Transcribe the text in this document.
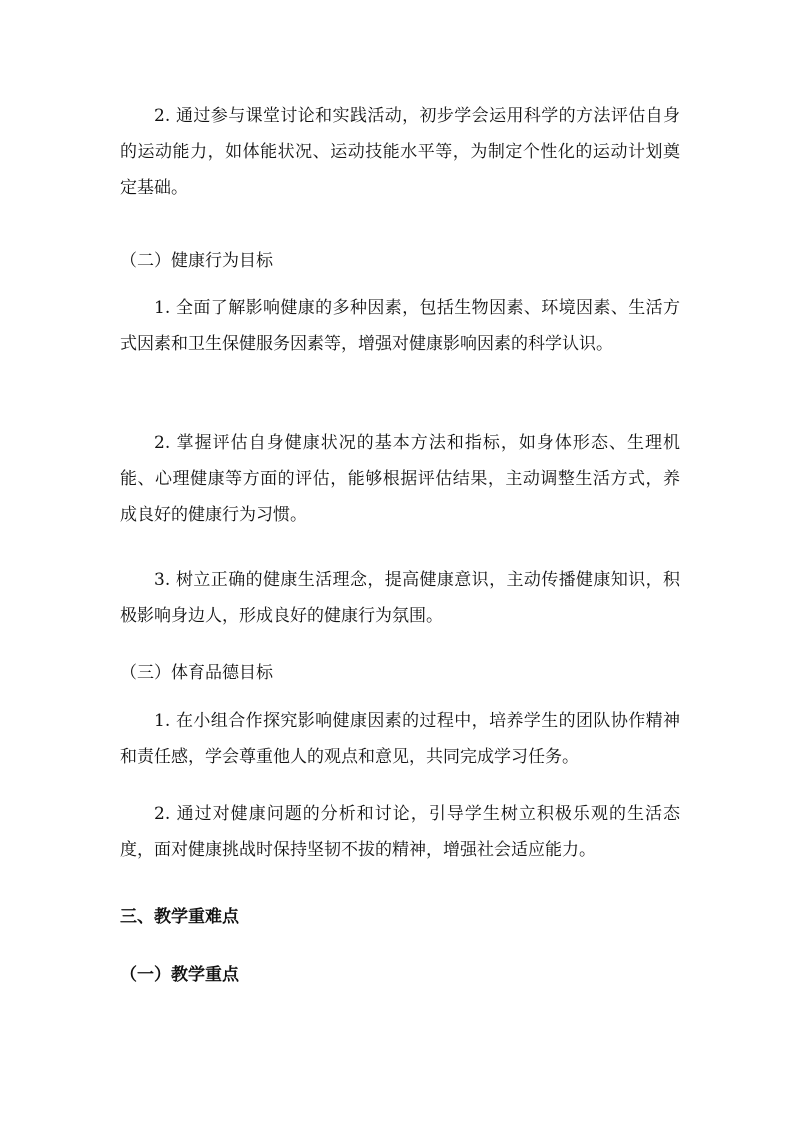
2. 通过参与课堂讨论和实践活动，初步学会运用科学的方法评估自身的运动能力，如体能状况、运动技能水平等，为制定个性化的运动计划奠定基础。

（二）健康行为目标

1. 全面了解影响健康的多种因素，包括生物因素、环境因素、生活方式因素和卫生保健服务因素等，增强对健康影响因素的科学认识。

2. 掌握评估自身健康状况的基本方法和指标，如身体形态、生理机能、心理健康等方面的评估，能够根据评估结果，主动调整生活方式，养成良好的健康行为习惯。

3. 树立正确的健康生活理念，提高健康意识，主动传播健康知识，积极影响身边人，形成良好的健康行为氛围。

（三）体育品德目标

1. 在小组合作探究影响健康因素的过程中，培养学生的团队协作精神和责任感，学会尊重他人的观点和意见，共同完成学习任务。

2. 通过对健康问题的分析和讨论，引导学生树立积极乐观的生活态度，面对健康挑战时保持坚韧不拔的精神，增强社会适应能力。

三、教学重难点

（一）教学重点
